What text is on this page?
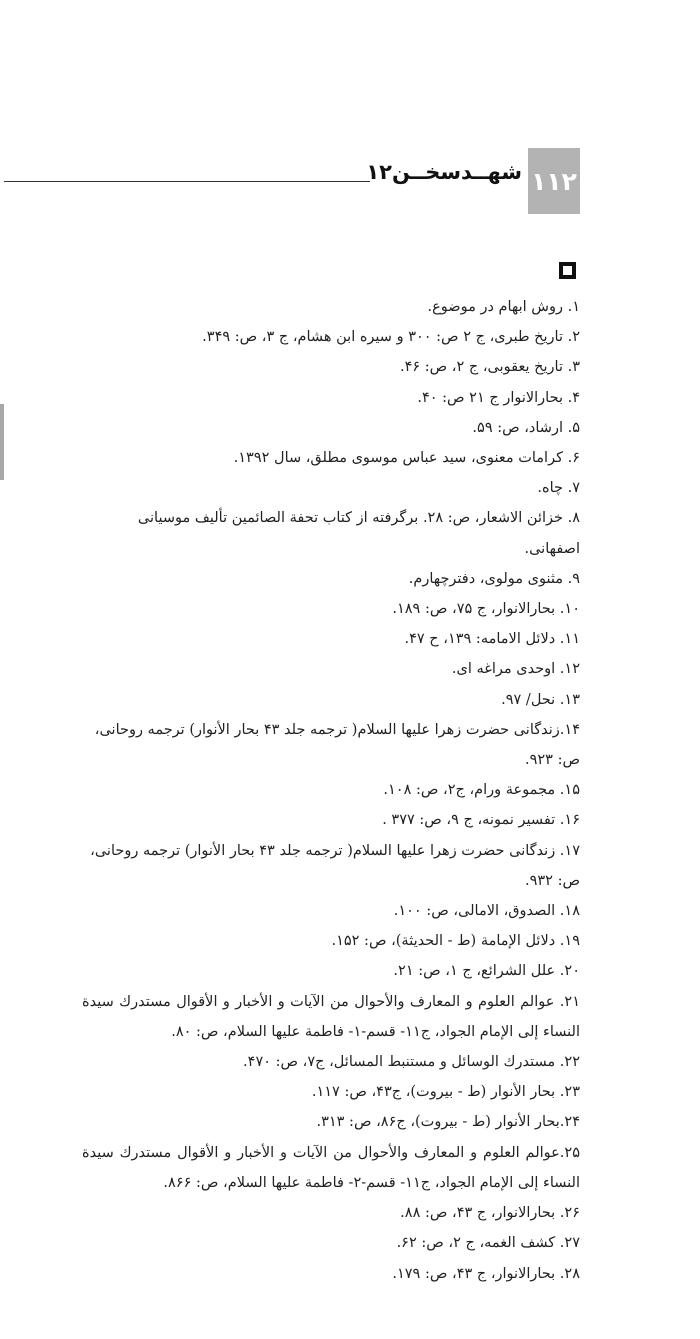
شهــدسخــن۱۲ ۱۱۲
۱. روش ابهام در موضوع.
۲. تاریخ طبری، ج ۲ ص: ۳۰۰ و سیره ابن هشام، ج ۳، ص: ۳۴۹.
۳. تاریخ یعقوبی، ج ۲، ص: ۴۶.
۴. بحارالانوار ج ۲۱ ص: ۴۰.
۵. ارشاد، ص: ۵۹.
۶. کرامات معنوی، سید عباس موسوی مطلق، سال ۱۳۹۲.
۷. چاه.
۸. خزائن الاشعار، ص: ۲۸. برگرفته از کتاب تحفة الصائمین تألیف موسیانی اصفهانی.
۹. مثنوی مولوی، دفترچهارم.
۱۰. بحارالانوار، ج ۷۵، ص: ۱۸۹.
۱۱. دلائل الامامه: ۱۳۹، ح ۴۷.
۱۲. اوحدی مراغه ای.
۱۳. نحل/ ۹۷.
۱۴.زندگانی حضرت زهرا علیها السلام( ترجمه جلد ۴۳ بحار الأنوار) ترجمه روحانی، ص: ۹۲۳.
۱۵. مجموعة ورام، ج۲، ص: ۱۰۸.
۱۶. تفسیر نمونه، ج ۹، ص: ۳۷۷ .
۱۷. زندگانی حضرت زهرا علیها السلام( ترجمه جلد ۴۳ بحار الأنوار) ترجمه روحانی، ص: ۹۳۲.
۱۸. الصدوق، الامالی، ص: ۱۰۰.
۱۹. دلائل الإمامة (ط - الحديثة)، ص: ۱۵۲.
۲۰. علل الشرائع، ج ۱، ص: ۲۱.
۲۱. عوالم العلوم و المعارف والأحوال من الآيات و الأخبار و الأقوال مستدرك سيدة النساء إلى الإمام الجواد، ج۱۱- قسم-۱- فاطمة علیها السلام، ص: ۸۰.
۲۲. مستدرك الوسائل و مستنبط المسائل، ج۷، ص: ۴۷۰.
۲۳. بحار الأنوار (ط - بيروت)، ج۴۳، ص: ۱۱۷.
۲۴.بحار الأنوار (ط - بيروت)، ج۸۶، ص: ۳۱۳.
۲۵.عوالم العلوم و المعارف والأحوال من الآيات و الأخبار و الأقوال مستدرك سيدة النساء إلى الإمام الجواد، ج۱۱- قسم-۲- فاطمة علیها السلام، ص: ۸۶۶.
۲۶. بحارالانوار، ج ۴۳، ص: ۸۸.
۲۷. کشف الغمه، ج ۲، ص: ۶۲.
۲۸. بحارالانوار، ج ۴۳، ص: ۱۷۹.
